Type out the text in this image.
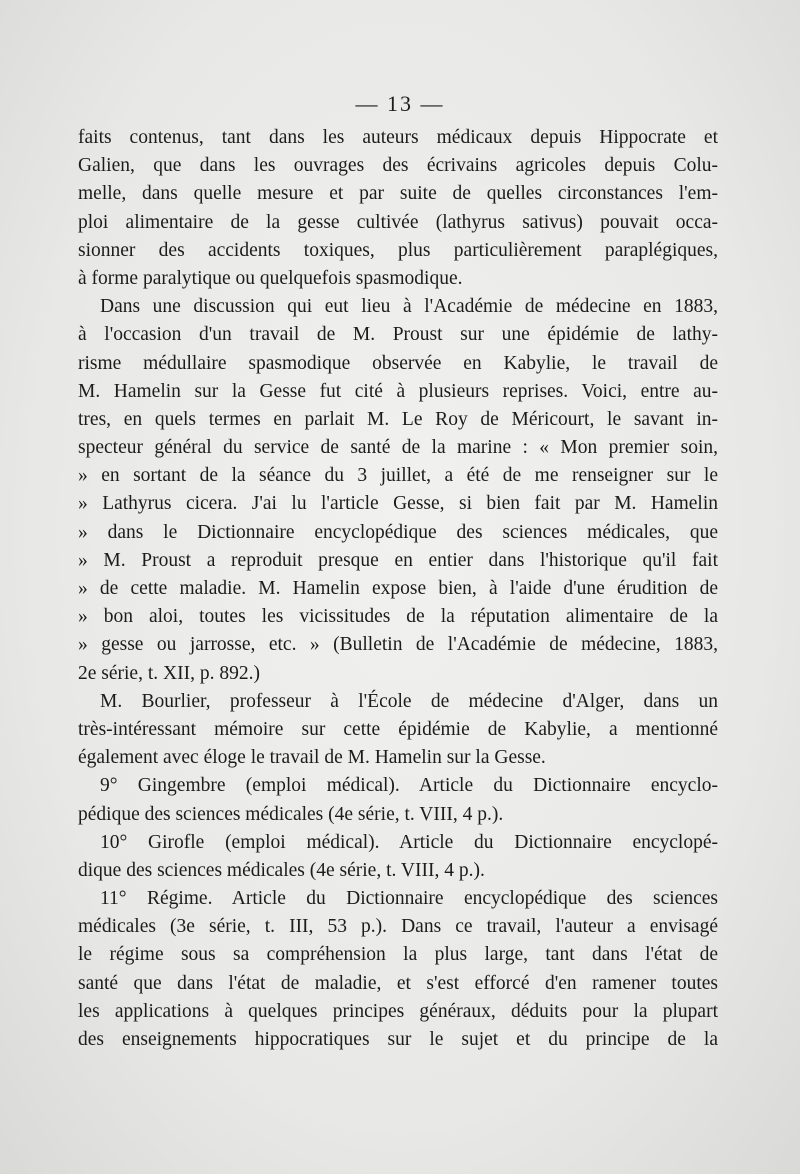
— 13 —
faits contenus, tant dans les auteurs médicaux depuis Hippocrate et
Galien, que dans les ouvrages des écrivains agricoles depuis Colu-
melle, dans quelle mesure et par suite de quelles circonstances l'em-
ploi alimentaire de la gesse cultivée (lathyrus sativus) pouvait occa-
sionner des accidents toxiques, plus particulièrement paraplégiques,
à forme paralytique ou quelquefois spasmodique.
Dans une discussion qui eut lieu à l'Académie de médecine en 1883,
à l'occasion d'un travail de M. Proust sur une épidémie de lathy-
risme médullaire spasmodique observée en Kabylie, le travail de
M. Hamelin sur la Gesse fut cité à plusieurs reprises. Voici, entre au-
tres, en quels termes en parlait M. Le Roy de Méricourt, le savant in-
specteur général du service de santé de la marine : « Mon premier soin,
» en sortant de la séance du 3 juillet, a été de me renseigner sur le
» Lathyrus cicera. J'ai lu l'article Gesse, si bien fait par M. Hamelin
» dans le Dictionnaire encyclopédique des sciences médicales, que
» M. Proust a reproduit presque en entier dans l'historique qu'il fait
» de cette maladie. M. Hamelin expose bien, à l'aide d'une érudition de
» bon aloi, toutes les vicissitudes de la réputation alimentaire de la
» gesse ou jarrosse, etc. » (Bulletin de l'Académie de médecine, 1883,
2e série, t. XII, p. 892.)
M. Bourlier, professeur à l'École de médecine d'Alger, dans un
très-intéressant mémoire sur cette épidémie de Kabylie, a mentionné
également avec éloge le travail de M. Hamelin sur la Gesse.
9° Gingembre (emploi médical). Article du Dictionnaire encyclo-
pédique des sciences médicales (4e série, t. VIII, 4 p.).
10° Girofle (emploi médical). Article du Dictionnaire encyclopé-
dique des sciences médicales (4e série, t. VIII, 4 p.).
11° Régime. Article du Dictionnaire encyclopédique des sciences
médicales (3e série, t. III, 53 p.). Dans ce travail, l'auteur a envisagé
le régime sous sa compréhension la plus large, tant dans l'état de
santé que dans l'état de maladie, et s'est efforcé d'en ramener toutes
les applications à quelques principes généraux, déduits pour la plupart
des enseignements hippocratiques sur le sujet et du principe de la
